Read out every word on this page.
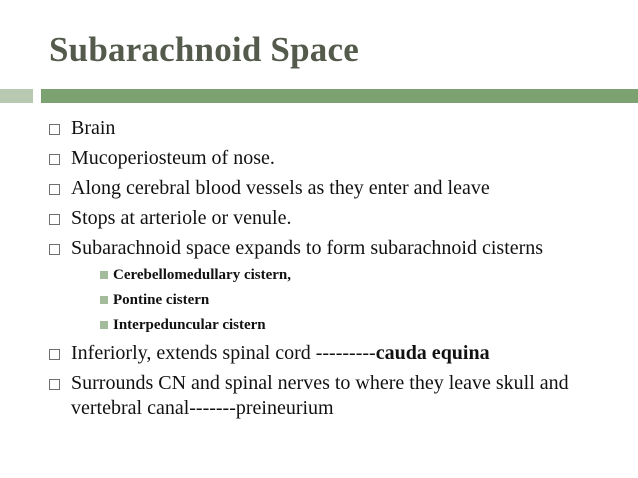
Subarachnoid Space
Brain
Mucoperiosteum of nose.
Along cerebral blood vessels as they enter and leave
Stops at arteriole or venule.
Subarachnoid space expands to form subarachnoid cisterns
Cerebellomedullary cistern,
Pontine cistern
Interpeduncular cistern
Inferiorly, extends spinal cord ---------cauda equina
Surrounds CN and spinal nerves to where they leave skull and vertebral canal-------preineurium
